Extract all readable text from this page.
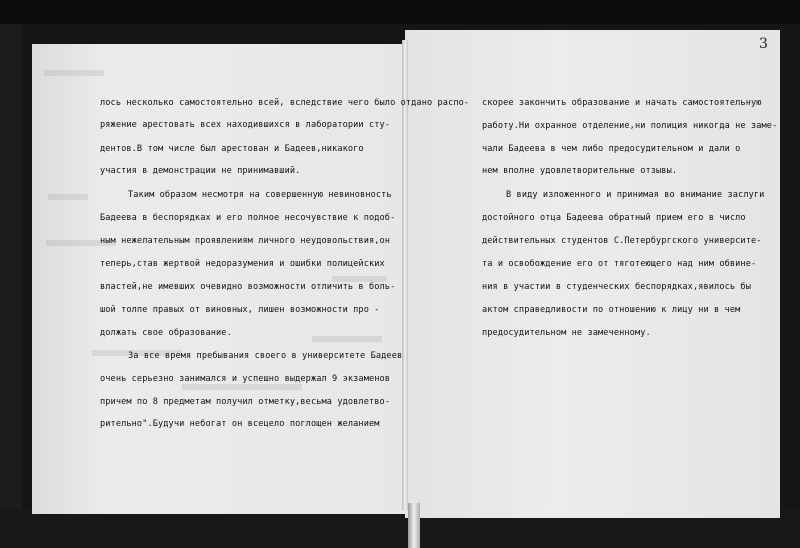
лось несколько самостоятельно всей, вследствие чего было отдано распо-
ряжение арестовать всех находившихся в лаборатории сту-
дентов.В том числе был арестован и Бадеев,никакого
участия в демонстрации не принимавший.
Таким образом несмотря на совершенную невиновность
Бадеева в беспорядках и его полное несочувствие к подоб-
ным нежелательным проявлениям личного неудовольствия,он
теперь,став жертвой недоразумения и ошибки полицейских
властей,не имевших очевидно возможности отличить в боль-
шой толпе правых от виновных, лишен возможности про -
должать свое образование.
За все время пребывания своего в университете Бадеев
очень серьезно занимался и успешно выдержал 9 экзаменов
причем по 8 предметам получил отметку,весьма удовлетво-
рительно".Будучи небогат он всецело поглощен желанием
3
скорее закончить образование и начать самостоятельную
работу.Ни охранное отделение,ни полиция никогда не заме-
чали Бадеева в чем либо предосудительном и дали о
нем вполне удовлетворительные отзывы.
В виду изложенного и принимая во внимание заслуги
достойного отца Бадеева обратный прием его в число
действительных студентов С.Петербургского университе-
та и освобождение его от тяготеющего над ним обвине-
ния в участии в студенческих беспорядках,явилось бы
актом справедливости по отношению к лицу ни в чем
предосудительном не замеченному.
